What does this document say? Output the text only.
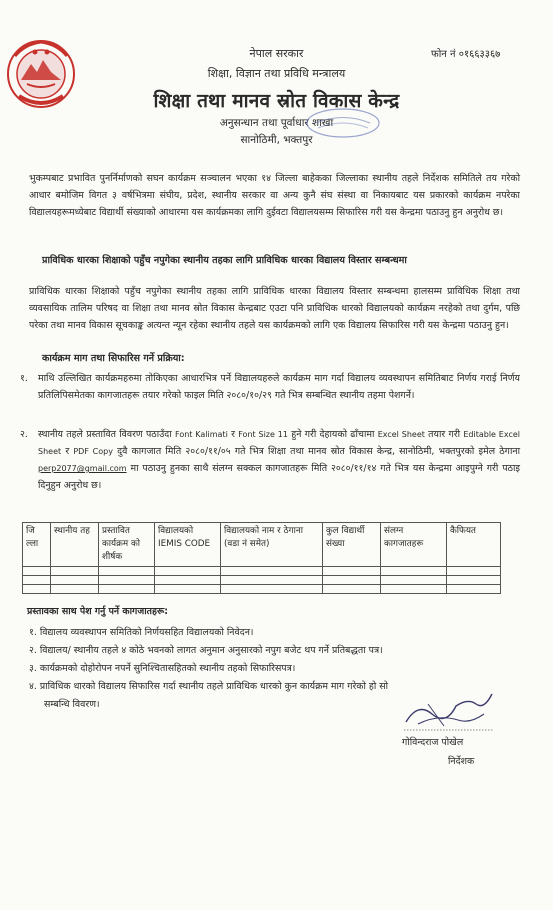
फोन नं ०१६६३३६७
नेपाल सरकार
शिक्षा, विज्ञान तथा प्रविधि मन्त्रालय
शिक्षा तथा मानव स्रोत विकास केन्द्र
अनुसन्धान तथा पूर्वाधार शाखा
सानोठिमी, भक्तपुर

भुकम्पबाट प्रभावित पुनर्निर्माणको सघन कार्यक्रम सञ्चालन भएका १४ जिल्ला बाहेकका जिल्लाका स्थानीय तहले निर्देशक समितिले तय गरेको आधार बमोजिम विगत ३ वर्षभित्रमा संघीय, प्रदेश, स्थानीय सरकार वा अन्य कुनै संघ संस्था वा निकायबाट यस प्रकारको कार्यक्रम नपरेका विद्यालयहरूमध्येबाट विद्यार्थी संख्याको आधारमा यस कार्यक्रमका लागि दुईवटा विद्यालयसम्म सिफारिस गरी यस केन्द्रमा पठाउनु हुन अनुरोध छ।

प्राविधिक धारका शिक्षाको पहुँच नपुगेका स्थानीय तहका लागि प्राविधिक धारका विद्यालय विस्तार सम्बन्धमा

प्राविधिक धारका शिक्षाको पहुँच नपुगेका स्थानीय तहका लागि प्राविधिक धारका विद्यालय विस्तार सम्बन्धमा हालसम्म प्राविधिक शिक्षा तथा व्यवसायिक तालिम परिषद वा शिक्षा तथा मानव स्रोत विकास केन्द्रबाट एउटा पनि प्राविधिक धारको विद्यालयको कार्यक्रम नरहेको तथा दुर्गम, पछि परेका तथा मानव विकास सूचकाङ्क अत्यन्त न्यून रहेका स्थानीय तहले यस कार्यक्रमको लागि एक विद्यालय सिफारिस गरी यस केन्द्रमा पठाउनु हुन।

कार्यक्रम माग तथा सिफारिस गर्ने प्रक्रिया:
१. माथि उल्लिखित कार्यक्रमहरुमा तोकिएका आधारभित्र पर्ने विद्यालयहरुले कार्यक्रम माग गर्दा विद्यालय व्यवस्थापन समितिबाट निर्णय गराई निर्णय प्रतिलिपिसमेतका कागजातहरू तयार गरेको फाइल मिति २०८०/१०/२९ गते भित्र सम्बन्धित स्थानीय तहमा पेशगर्ने।
२. स्थानीय तहले प्रस्तावित विवरण पठाउँदा Font Kalimati र Font Size 11 हुने गरी देहायको ढाँचामा Excel Sheet तयार गरी Editable Excel Sheet र PDF Copy दुवै कागजात मिति २०८०/११/०५ गते भित्र शिक्षा तथा मानव स्रोत विकास केन्द्र, सानोठिमी, भक्तपुरको इमेल ठेगाना perp2077@gmail.com मा पठाउनु हुनका साथै संलग्न सक्कल कागजातहरू मिति २०८०/११/१४ गते भित्र यस केन्द्रमा आइपुग्ने गरी पठाइ दिनुहुन अनुरोध छ।
जि ल्ला	स्थानीय तह	प्रस्तावित कार्यक्रम को शीर्षक	विद्यालयको IEMIS CODE	विद्यालयको नाम र ठेगाना (वडा नं समेत)	कुल विद्यार्थी संख्या	संलग्न कागजातहरू	कैफियत

प्रस्तावका साथ पेश गर्नु पर्ने कागजातहरू:
१. विद्यालय व्यवस्थापन समितिको निर्णयसहित विद्यालयको निवेदन।
२. विद्यालय/ स्थानीय तहले ४ कोठे भवनको लागत अनुमान अनुसारको नपुग बजेट थप गर्ने प्रतिबद्धता पत्र।
३. कार्यक्रमको दोहोरोपन नपर्ने सुनिश्चितासहितको स्थानीय तहको सिफारिसपत्र।
४. प्राविधिक धारको विद्यालय सिफारिस गर्दा स्थानीय तहले प्राविधिक धारको कुन कार्यक्रम माग गरेको हो सो
सम्बन्धि विवरण।
गोविन्दराज पोखेल
निर्देशक
